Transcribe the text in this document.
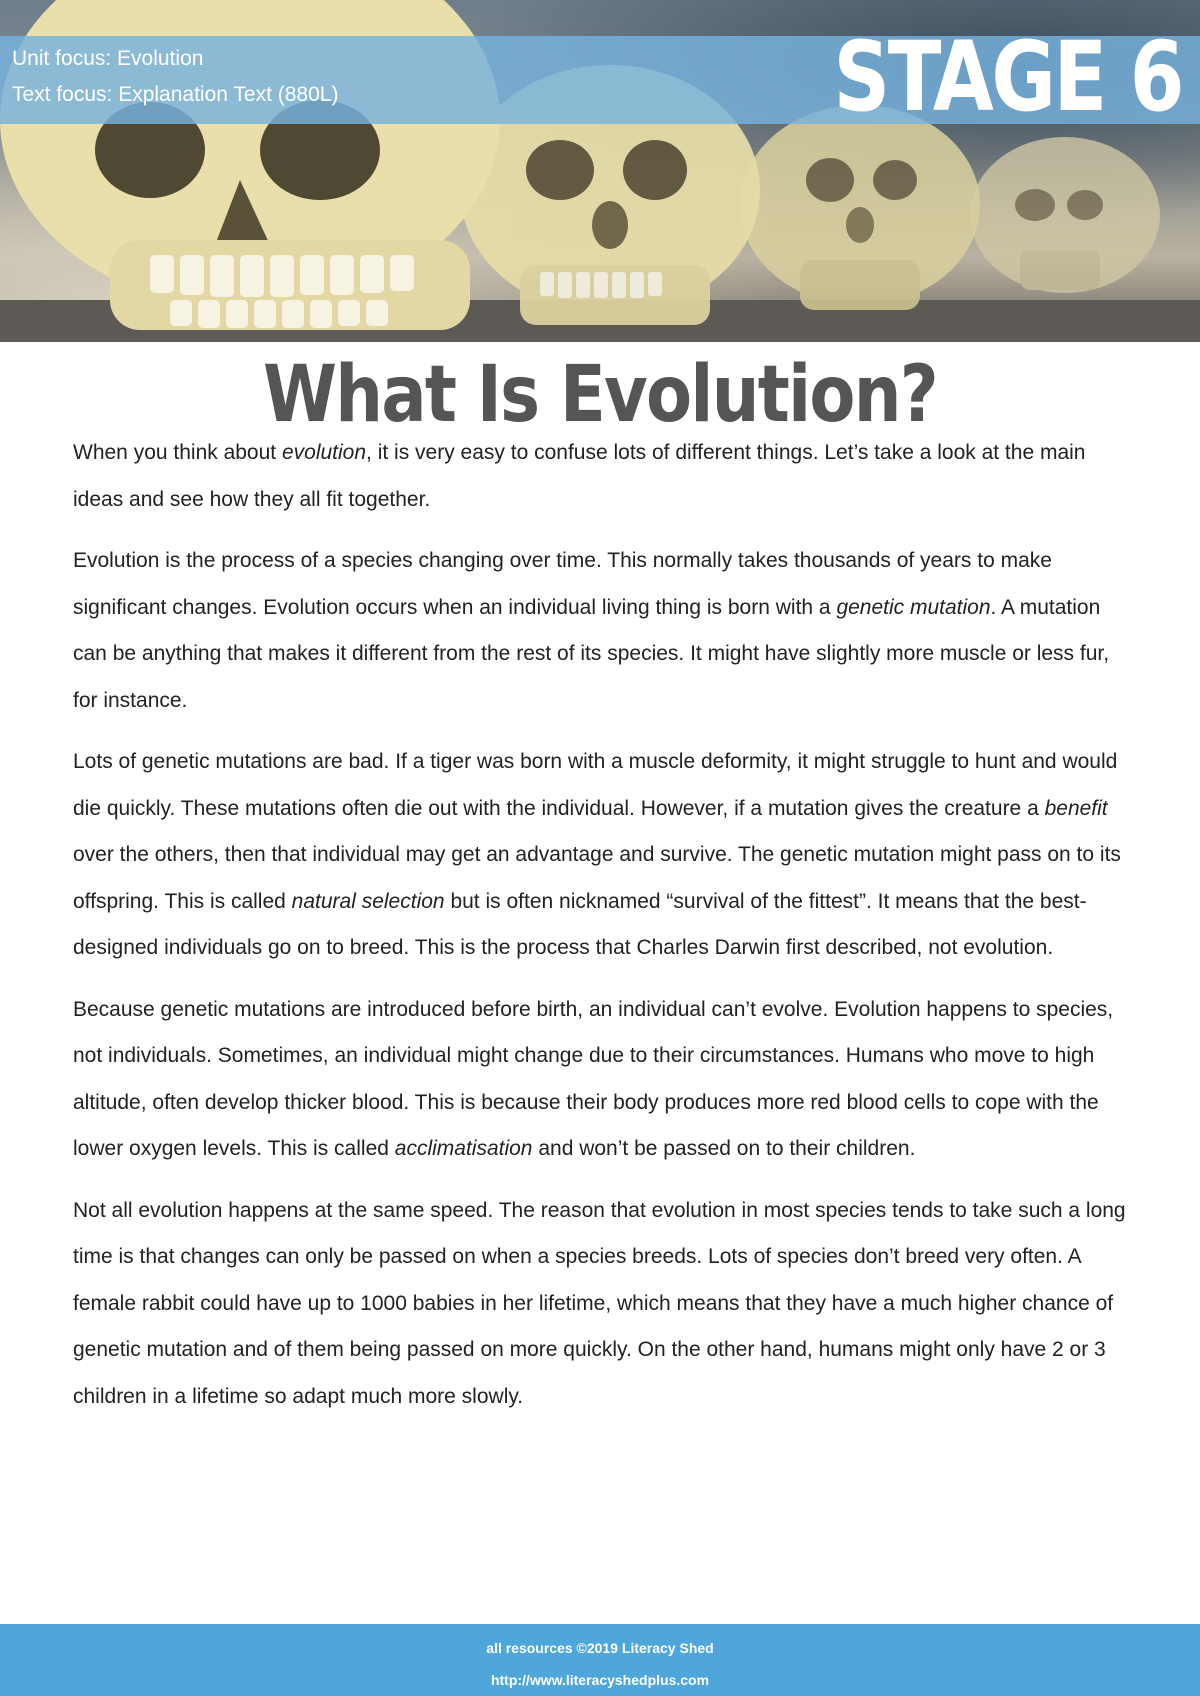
Unit focus: Evolution
Text focus: Explanation Text (880L)	STAGE 6
What Is Evolution?

When you think about evolution, it is very easy to confuse lots of different things. Let’s take a look at the main ideas and see how they all fit together.

Evolution is the process of a species changing over time. This normally takes thousands of years to make significant changes. Evolution occurs when an individual living thing is born with a genetic mutation. A mutation can be anything that makes it different from the rest of its species. It might have slightly more muscle or less fur, for instance.

Lots of genetic mutations are bad. If a tiger was born with a muscle deformity, it might struggle to hunt and would die quickly. These mutations often die out with the individual. However, if a mutation gives the creature a benefit over the others, then that individual may get an advantage and survive. The genetic mutation might pass on to its offspring. This is called natural selection but is often nicknamed “survival of the fittest”. It means that the best-designed individuals go on to breed. This is the process that Charles Darwin first described, not evolution.

Because genetic mutations are introduced before birth, an individual can’t evolve. Evolution happens to species, not individuals. Sometimes, an individual might change due to their circumstances. Humans who move to high altitude, often develop thicker blood. This is because their body produces more red blood cells to cope with the lower oxygen levels. This is called acclimatisation and won’t be passed on to their children.

Not all evolution happens at the same speed. The reason that evolution in most species tends to take such a long time is that changes can only be passed on when a species breeds. Lots of species don’t breed very often. A female rabbit could have up to 1000 babies in her lifetime, which means that they have a much higher chance of genetic mutation and of them being passed on more quickly. On the other hand, humans might only have 2 or 3 children in a lifetime so adapt much more slowly.

all resources ©2019 Literacy Shed
http://www.literacyshedplus.com
